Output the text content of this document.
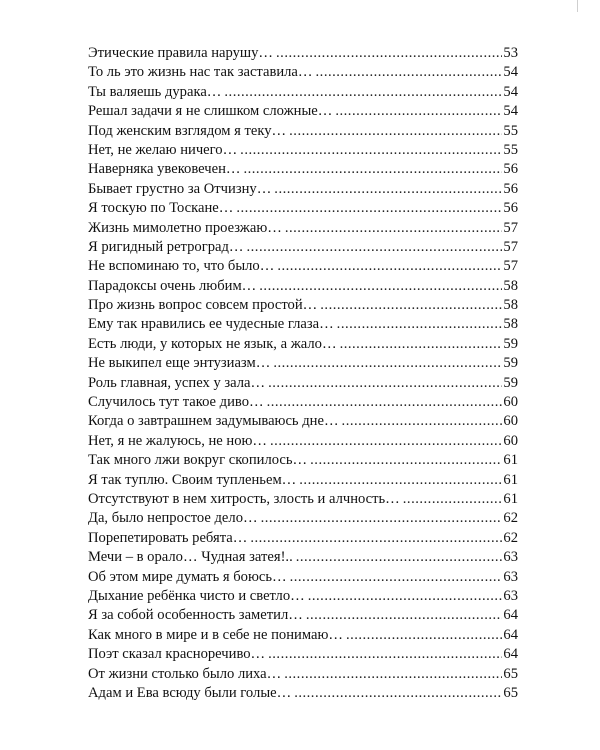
Этические правила нарушу… .....	53
То ль это жизнь нас так заставила… .....	54
Ты валяешь дурака… .....	54
Решал задачи я не слишком сложные… .....	54
Под женским взглядом я теку… .....	55
Нет, не желаю ничего… .....	55
Наверняка увековечен… .....	56
Бывает грустно за Отчизну… .....	56
Я тоскую по Тоскане… .....	56
Жизнь мимолетно проезжаю… .....	57
Я ригидный ретроград… .....	57
Не вспоминаю то, что было… .....	57
Парадоксы очень любим… .....	58
Про жизнь вопрос совсем простой… .....	58
Ему так нравились ее чудесные глаза… .....	58
Есть люди, у которых не язык, а жало… .....	59
Не выкипел еще энтузиазм… .....	59
Роль главная, успех у зала… .....	59
Случилось тут такое диво… .....	60
Когда о завтрашнем задумываюсь дне… .....	60
Нет, я не жалуюсь, не ною… .....	60
Так много лжи вокруг скопилось… .....	61
Я так туплю. Своим тупленьем… .....	61
Отсутствуют в нем хитрость, злость и алчность… .....	61
Да, было непростое дело… .....	62
Порепетировать ребята… .....	62
Мечи – в орало… Чудная затея!.. .....	63
Об этом мире думать я боюсь… .....	63
Дыхание ребёнка чисто и светло… .....	63
Я за собой особенность заметил… .....	64
Как много в мире и в себе не понимаю… .....	64
Поэт сказал красноречиво… .....	64
От жизни столько было лиха… .....	65
Адам и Ева всюду были голые… .....	65
